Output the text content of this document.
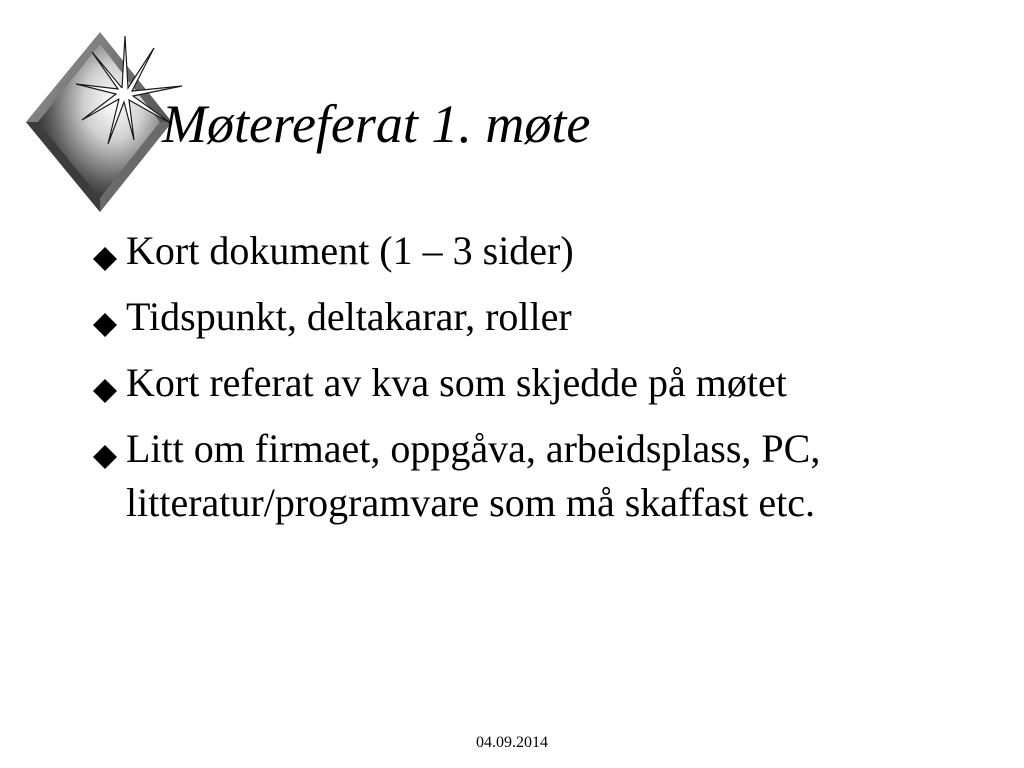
Møtereferat 1. møte
Kort dokument (1 – 3 sider)
Tidspunkt, deltakarar, roller
Kort referat av kva som skjedde på møtet
Litt om firmaet, oppgåva, arbeidsplass, PC, litteratur/programvare som må skaffast etc.
04.09.2014
